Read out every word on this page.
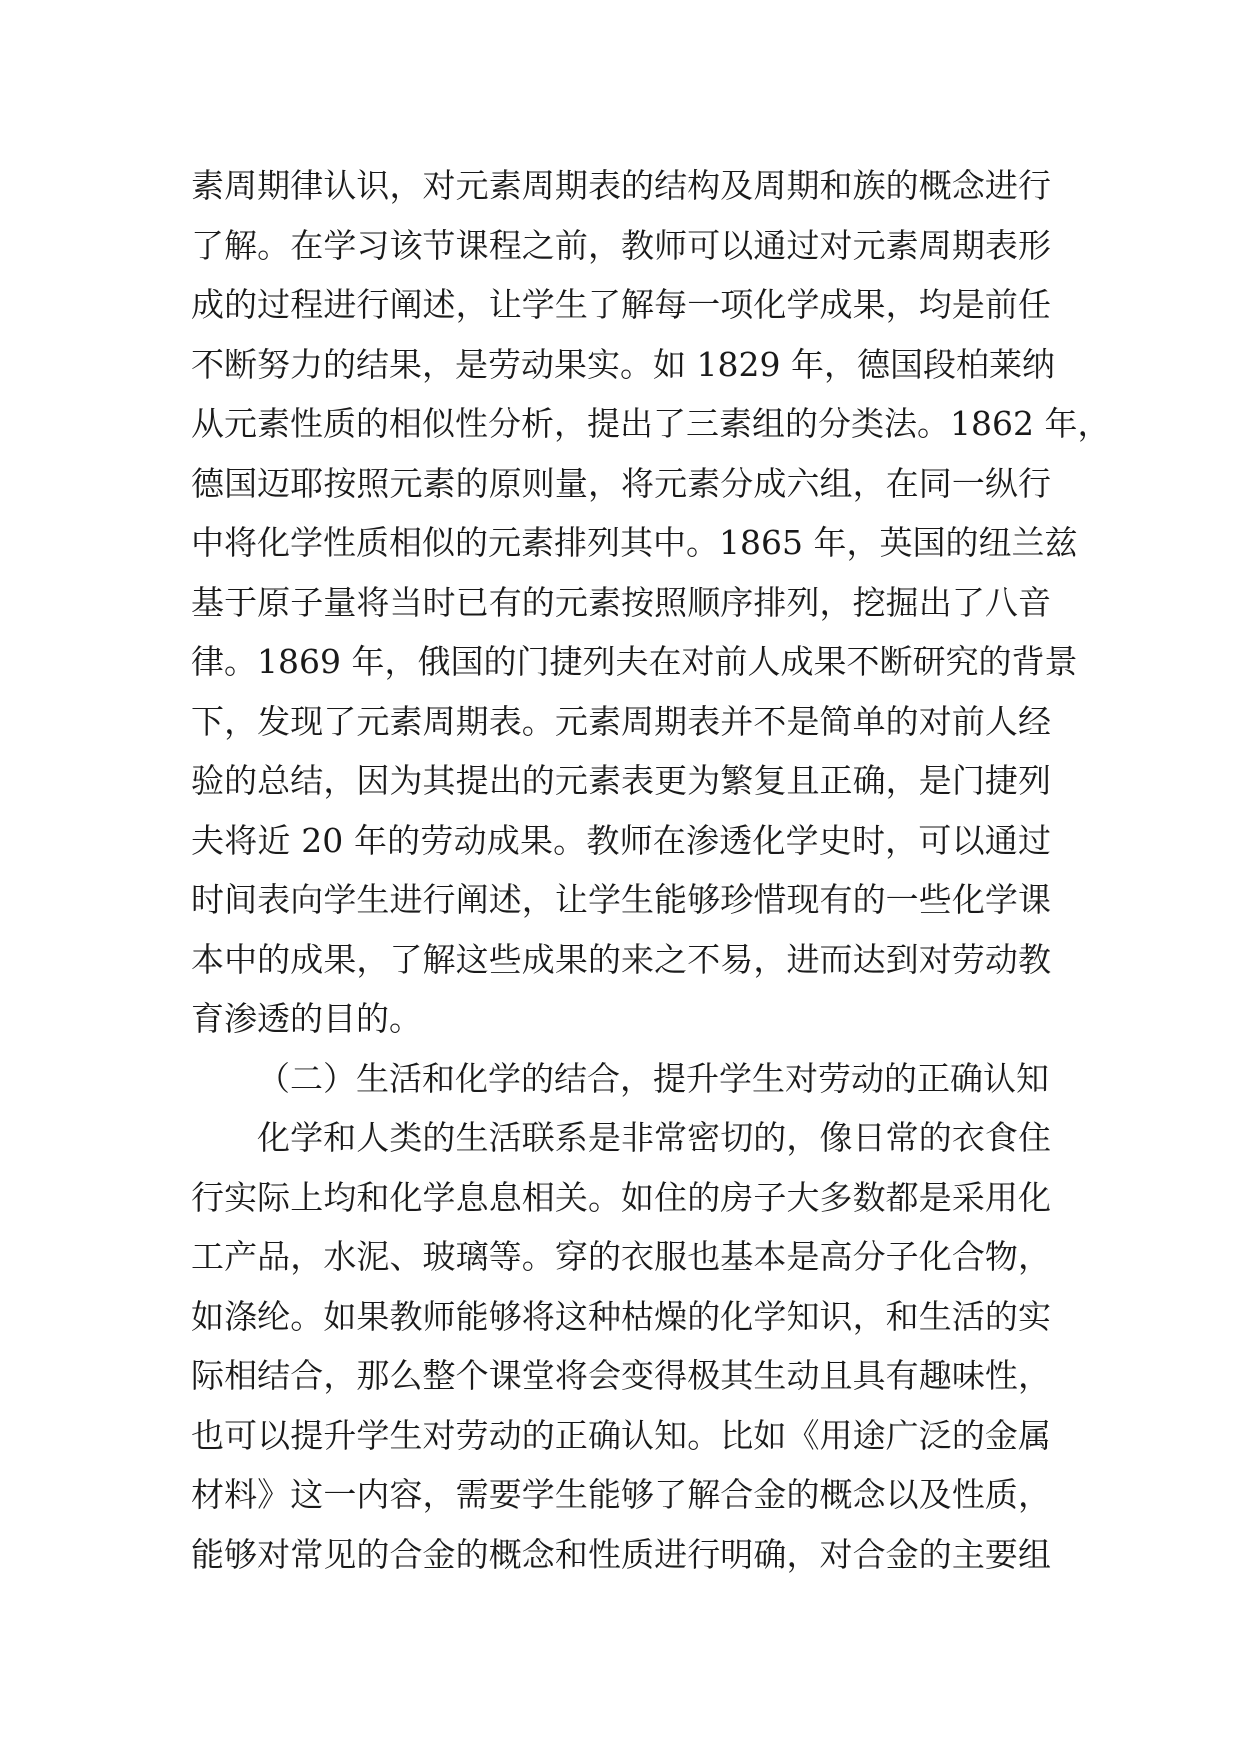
素周期律认识，对元素周期表的结构及周期和族的概念进行
了解。在学习该节课程之前，教师可以通过对元素周期表形
成的过程进行阐述，让学生了解每一项化学成果，均是前任
不断努力的结果，是劳动果实。如 1829 年，德国段柏莱纳
从元素性质的相似性分析，提出了三素组的分类法。1862 年，
德国迈耶按照元素的原则量，将元素分成六组，在同一纵行
中将化学性质相似的元素排列其中。1865 年，英国的纽兰兹
基于原子量将当时已有的元素按照顺序排列，挖掘出了八音
律。1869 年，俄国的门捷列夫在对前人成果不断研究的背景
下，发现了元素周期表。元素周期表并不是简单的对前人经
验的总结，因为其提出的元素表更为繁复且正确，是门捷列
夫将近 20 年的劳动成果。教师在渗透化学史时，可以通过
时间表向学生进行阐述，让学生能够珍惜现有的一些化学课
本中的成果，了解这些成果的来之不易，进而达到对劳动教
育渗透的目的。
（二）生活和化学的结合，提升学生对劳动的正确认知
化学和人类的生活联系是非常密切的，像日常的衣食住
行实际上均和化学息息相关。如住的房子大多数都是采用化
工产品，水泥、玻璃等。穿的衣服也基本是高分子化合物，
如涤纶。如果教师能够将这种枯燥的化学知识，和生活的实
际相结合，那么整个课堂将会变得极其生动且具有趣味性，
也可以提升学生对劳动的正确认知。比如《用途广泛的金属
材料》这一内容，需要学生能够了解合金的概念以及性质，
能够对常见的合金的概念和性质进行明确，对合金的主要组
